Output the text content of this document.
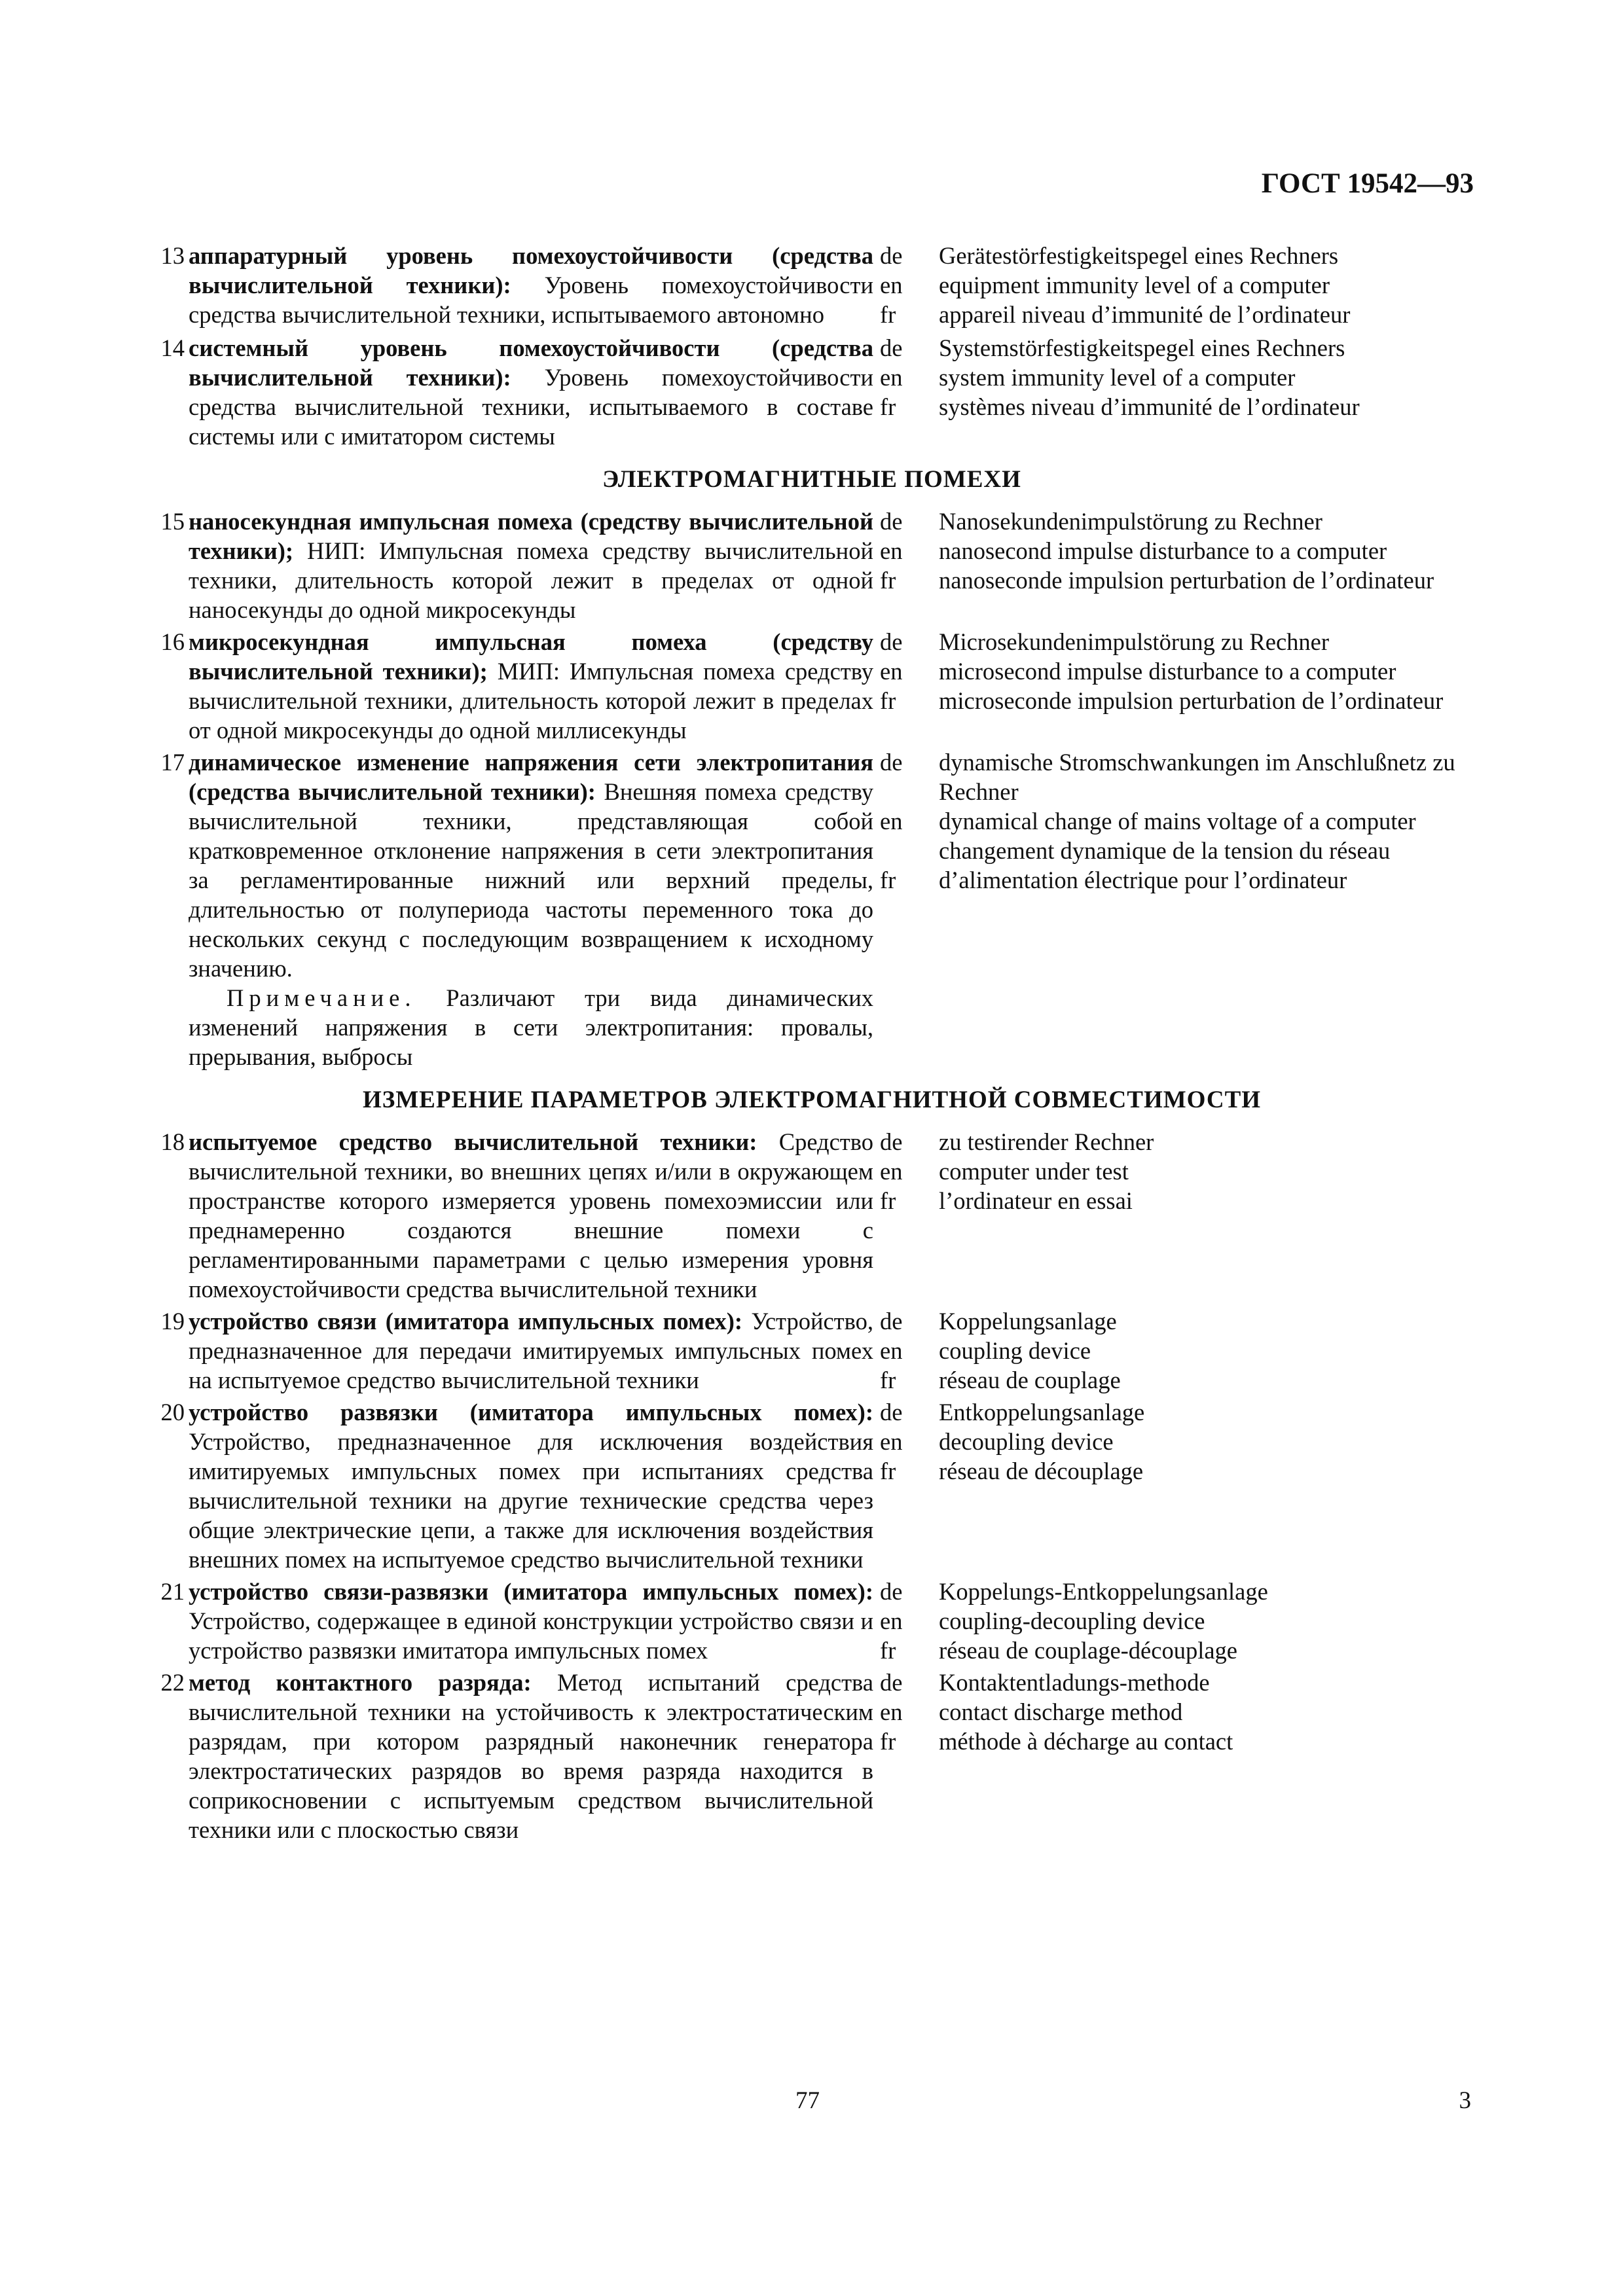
ГОСТ 19542—93
13 аппаратурный уровень помехоустойчивости (средства вычислительной техники): Уровень помехоустойчивости средства вычислительной техники, испытываемого автономно
de
en
fr
Gerätestörfestigkeitspegel eines Rechners
equipment immunity level of a computer
appareil niveau d’immunité de l’ordinateur
14 системный уровень помехоустойчивости (средства вычислительной техники): Уровень помехоустойчивости средства вычислительной техники, испытываемого в составе системы или с имитатором системы
de
en
fr
Systemstörfestigkeitspegel eines Rechners
system immunity level of a computer
systèmes niveau d’immunité de l’ordinateur
ЭЛЕКТРОМАГНИТНЫЕ ПОМЕХИ
15 наносекундная импульсная помеха (средству вычислительной техники); НИП: Импульсная помеха средству вычислительной техники, длительность которой лежит в пределах от одной наносекунды до одной микросекунды
de
en
fr
Nanosekundenimpulstörung zu Rechner
nanosecond impulse disturbance to a computer
nanoseconde impulsion perturbation de l’ordinateur
16 микросекундная импульсная помеха (средству вычислительной техники); МИП: Импульсная помеха средству вычислительной техники, длительность которой лежит в пределах от одной микросекунды до одной миллисекунды
de
en
fr
Microsekundenimpulstörung zu Rechner
microsecond impulse disturbance to a computer
microseconde impulsion perturbation de l’ordinateur
17 динамическое изменение напряжения сети электропитания (средства вычислительной техники): Внешняя помеха средству вычислительной техники, представляющая собой кратковременное отклонение напряжения в сети электропитания за регламентированные нижний или верхний пределы, длительностью от полупериода частоты переменного тока до нескольких секунд с последующим возвращением к исходному значению.
de
en
fr
dynamische Stromschwankungen im Anschlußnetz zu Rechner
dynamical change of mains voltage of a computer
changement dynamique de la tension du réseau d’alimentation électrique pour l’ordinateur
Примечание. Различают три вида динамических изменений напряжения в сети электропитания: провалы, прерывания, выбросы
ИЗМЕРЕНИЕ ПАРАМЕТРОВ ЭЛЕКТРОМАГНИТНОЙ СОВМЕСТИМОСТИ
18 испытуемое средство вычислительной техники: Средство вычислительной техники, во внешних цепях и/или в окружающем пространстве которого измеряется уровень помехоэмиссии или преднамеренно создаются внешние помехи с регламентированными параметрами с целью измерения уровня помехоустойчивости средства вычислительной техники
de
en
fr
zu testirender Rechner
computer under test
l’ordinateur en essai
19 устройство связи (имитатора импульсных помех): Устройство, предназначенное для передачи имитируемых импульсных помех на испытуемое средство вычислительной техники
de
en
fr
Koppelungsanlage
coupling device
réseau de couplage
20 устройство развязки (имитатора импульсных помех): Устройство, предназначенное для исключения воздействия имитируемых импульсных помех при испытаниях средства вычислительной техники на другие технические средства через общие электрические цепи, а также для исключения воздействия внешних помех на испытуемое средство вычислительной техники
de
en
fr
Entkoppelungsanlage
decoupling device
réseau de découplage
21 устройство связи-развязки (имитатора импульсных помех): Устройство, содержащее в единой конструкции устройство связи и устройство развязки имитатора импульсных помех
de
en
fr
Koppelungs-Entkoppelungsanlage
coupling-decoupling device
réseau de couplage-découplage
22 метод контактного разряда: Метод испытаний средства вычислительной техники на устойчивость к электростатическим разрядам, при котором разрядный наконечник генератора электростатических разрядов во время разряда находится в соприкосновении с испытуемым средством вычислительной техники или с плоскостью связи
de
en
fr
Kontaktentladungs-methode
contact discharge method
méthode à décharge au contact
77	3
